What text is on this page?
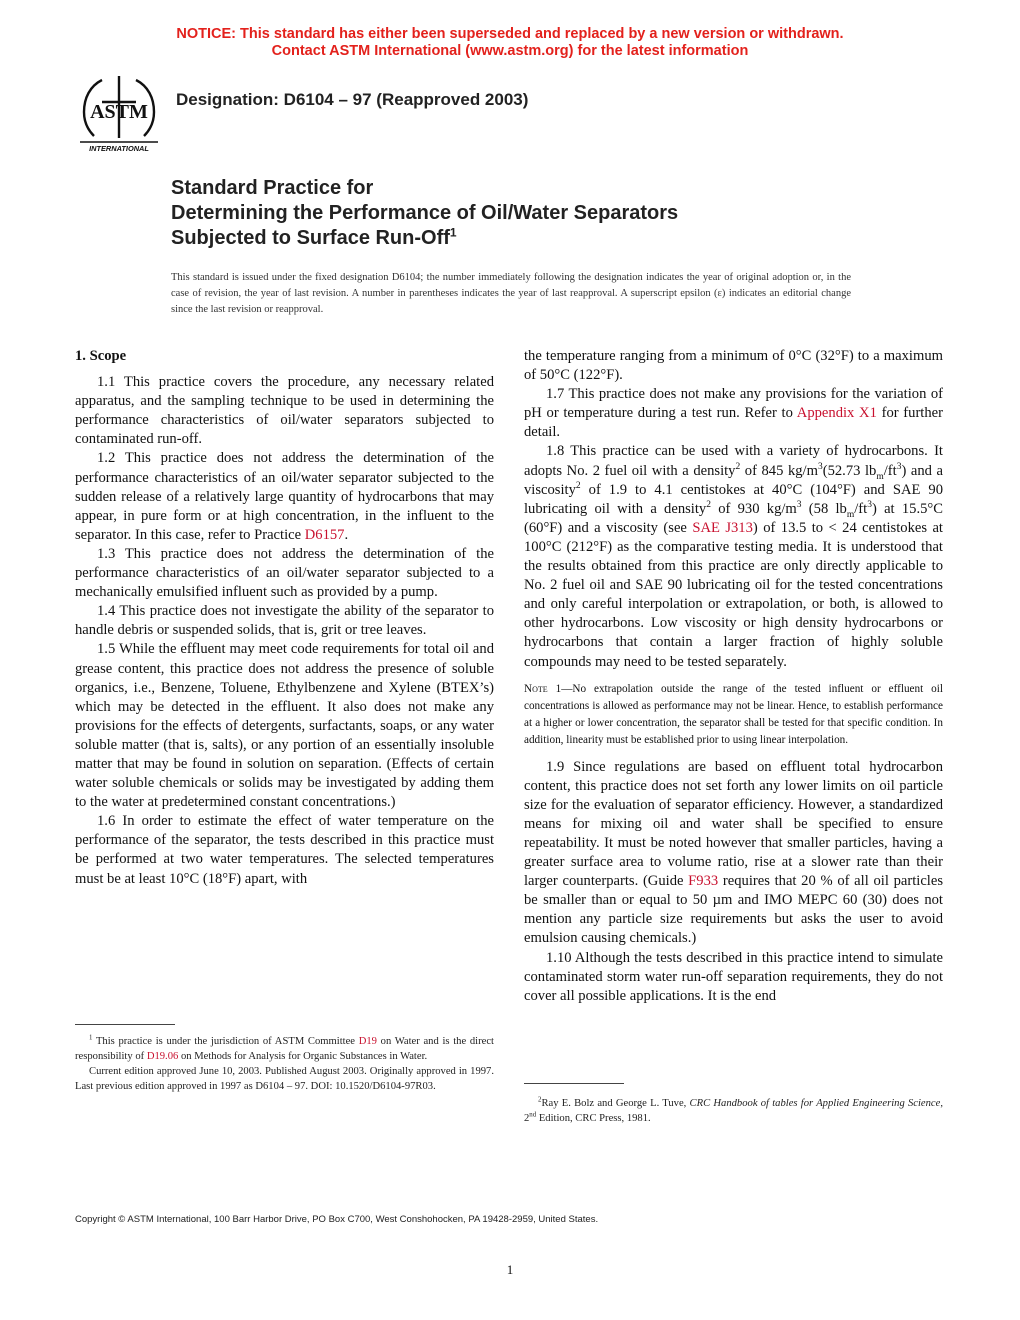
NOTICE: This standard has either been superseded and replaced by a new version or withdrawn.
Contact ASTM International (www.astm.org) for the latest information
ASTM
INTERNATIONAL
Designation: D6104 – 97 (Reapproved 2003)
Standard Practice for
Determining the Performance of Oil/Water Separators
Subjected to Surface Run-Off$^1$
This standard is issued under the fixed designation D6104; the number immediately following the designation indicates the year of original adoption or, in the case of revision, the year of last revision. A number in parentheses indicates the year of last reapproval. A superscript epsilon (ε) indicates an editorial change since the last revision or reapproval.

1. Scope

1.1 This practice covers the procedure, any necessary related apparatus, and the sampling technique to be used in determining the performance characteristics of oil/water separators subjected to contaminated run-off.

1.2 This practice does not address the determination of the performance characteristics of an oil/water separator subjected to the sudden release of a relatively large quantity of hydrocarbons that may appear, in pure form or at high concentration, in the influent to the separator. In this case, refer to Practice D6157.

1.3 This practice does not address the determination of the performance characteristics of an oil/water separator subjected to a mechanically emulsified influent such as provided by a pump.

1.4 This practice does not investigate the ability of the separator to handle debris or suspended solids, that is, grit or tree leaves.

1.5 While the effluent may meet code requirements for total oil and grease content, this practice does not address the presence of soluble organics, i.e., Benzene, Toluene, Ethylbenzene and Xylene (BTEX’s) which may be detected in the effluent. It also does not make any provisions for the effects of detergents, surfactants, soaps, or any water soluble matter (that is, salts), or any portion of an essentially insoluble matter that may be found in solution on separation. (Effects of certain water soluble chemicals or solids may be investigated by adding them to the water at predetermined constant concentrations.)

1.6 In order to estimate the effect of water temperature on the performance of the separator, the tests described in this practice must be performed at two water temperatures. The selected temperatures must be at least 10°C (18°F) apart, with

$^1$ This practice is under the jurisdiction of ASTM Committee D19 on Water and is the direct responsibility of D19.06 on Methods for Analysis for Organic Substances in Water.

Current edition approved June 10, 2003. Published August 2003. Originally approved in 1997. Last previous edition approved in 1997 as D6104 – 97. DOI: 10.1520/D6104-97R03.

the temperature ranging from a minimum of 0°C (32°F) to a maximum of 50°C (122°F).

1.7 This practice does not make any provisions for the variation of pH or temperature during a test run. Refer to Appendix X1 for further detail.

1.8 This practice can be used with a variety of hydrocarbons. It adopts No. 2 fuel oil with a density$^2$ of 845 $kg/m^3(52.73$ $lb_m/ft^3$) and a viscosity$^2$ of 1.9 to 4.1 centistokes at 40°C (104°F) and SAE 90 lubricating oil with a density$^2$ of 930 $kg/m^3$ (58 $lb_m/ft^3$) at 15.5°C (60°F) and a viscosity (see SAE J313) of 13.5 to < 24 centistokes at 100°C (212°F) as the comparative testing media. It is understood that the results obtained from this practice are only directly applicable to No. 2 fuel oil and SAE 90 lubricating oil for the tested concentrations and only careful interpolation or extrapolation, or both, is allowed to other hydrocarbons. Low viscosity or high density hydrocarbons or hydrocarbons that contain a larger fraction of highly soluble compounds may need to be tested separately.

Note 1—No extrapolation outside the range of the tested influent or effluent oil concentrations is allowed as performance may not be linear. Hence, to establish performance at a higher or lower concentration, the separator shall be tested for that specific condition. In addition, linearity must be established prior to using linear interpolation.

1.9 Since regulations are based on effluent total hydrocarbon content, this practice does not set forth any lower limits on oil particle size for the evaluation of separator efficiency. However, a standardized means for mixing oil and water shall be specified to ensure repeatability. It must be noted however that smaller particles, having a greater surface area to volume ratio, rise at a slower rate than their larger counterparts. (Guide F933 requires that 20 % of all oil particles be smaller than or equal to 50 µm and IMO MEPC 60 (30) does not mention any particle size requirements but asks the user to avoid emulsion causing chemicals.)

1.10 Although the tests described in this practice intend to simulate contaminated storm water run-off separation requirements, they do not cover all possible applications. It is the end

$^2$Ray E. Bolz and George L. Tuve, CRC Handbook of tables for Applied Engineering Science, 2nd Edition, CRC Press, 1981.

Copyright © ASTM International, 100 Barr Harbor Drive, PO Box C700, West Conshohocken, PA 19428-2959, United States.
1
